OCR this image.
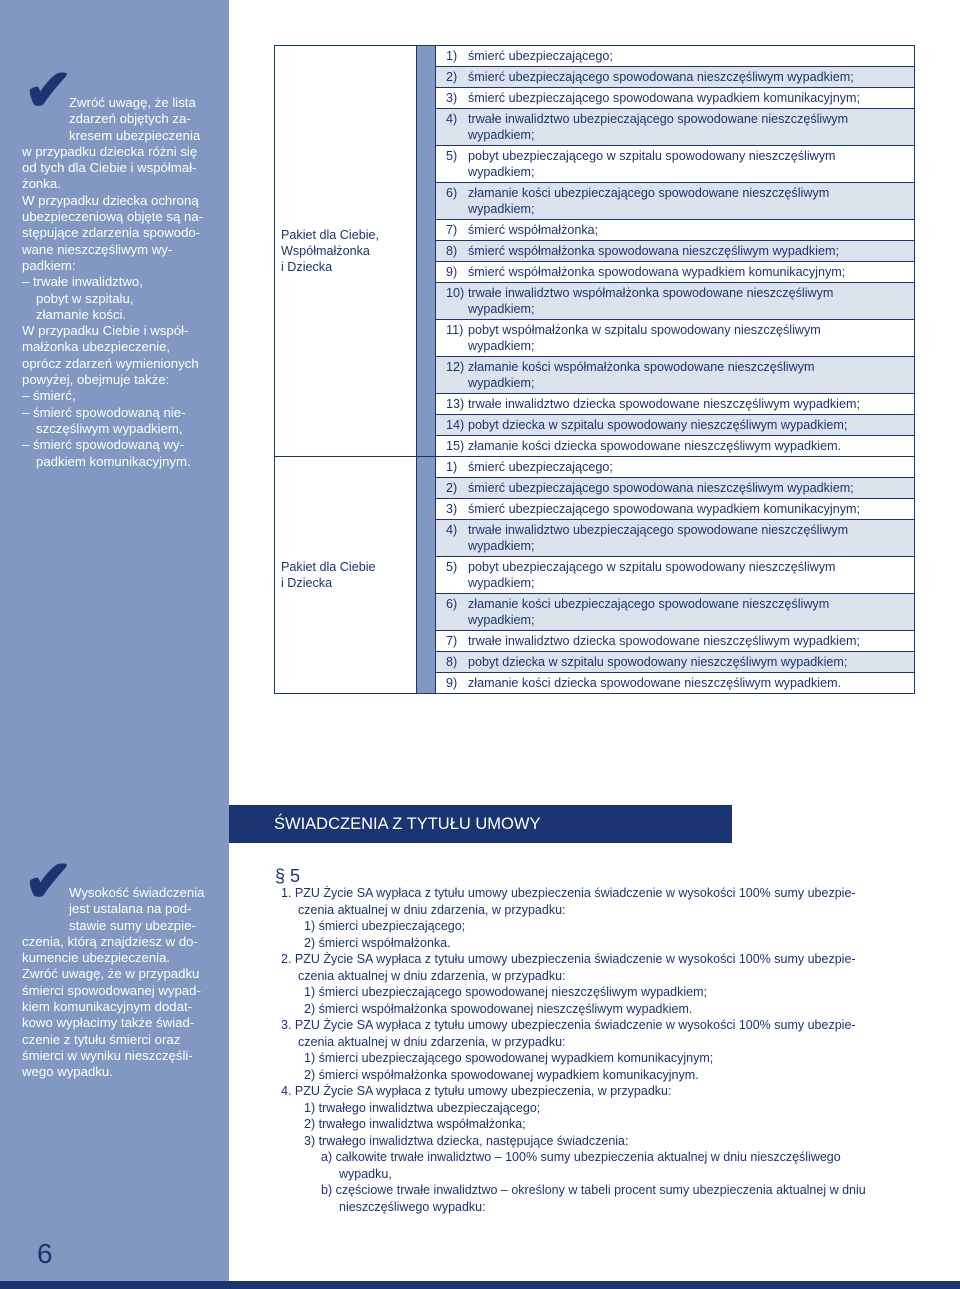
✔
Zwróć uwagę, że lista
zdarzeń objętych za-
kresem ubezpieczenia
w przypadku dziecka różni się
od tych dla Ciebie i współmał-
żonka.
W przypadku dziecka ochroną
ubezpieczeniową objęte są na-
stępujące zdarzenia spowodo-
wane nieszczęśliwym wy-
padkiem:
– trwałe inwalidztwo,
pobyt w szpitalu,
złamanie kości.
W przypadku Ciebie i współ-
małżonka ubezpieczenie,
oprócz zdarzeń wymienionych
powyżej, obejmuje także:
– śmierć,
– śmierć spowodowaną nie-
szczęśliwym wypadkiem,
– śmierć spowodowaną wy-
padkiem komunikacyjnym.
✔
Wysokość świadczenia
jest ustalana na pod-
stawie sumy ubezpie-
czenia, którą znajdziesz w do-
kumencie ubezpieczenia.
Zwróć uwagę, że w przypadku
śmierci spowodowanej wypad-
kiem komunikacyjnym dodat-
kowo wypłacimy także świad-
czenie z tytułu śmierci oraz
śmierci w wyniku nieszczęśli-
wego wypadku.
6
Pakiet dla Ciebie,
Współmałżonka
i Dziecka		1) śmierć ubezpieczającego;
		2) śmierć ubezpieczającego spowodowana nieszczęśliwym wypadkiem;
		3) śmierć ubezpieczającego spowodowana wypadkiem komunikacyjnym;
		4) trwałe inwalidztwo ubezpieczającego spowodowane nieszczęśliwym
wypadkiem;

		5) pobyt ubezpieczającego w szpitalu spowodowany nieszczęśliwym
wypadkiem;

		6) złamanie kości ubezpieczającego spowodowane nieszczęśliwym
wypadkiem;

		7) śmierć współmałżonka;
		8) śmierć współmałżonka spowodowana nieszczęśliwym wypadkiem;
		9) śmierć współmałżonka spowodowana wypadkiem komunikacyjnym;
		10) trwałe inwalidztwo współmałżonka spowodowane nieszczęśliwym
wypadkiem;

		11) pobyt współmałżonka w szpitalu spowodowany nieszczęśliwym
wypadkiem;

		12) złamanie kości współmałżonka spowodowane nieszczęśliwym
wypadkiem;

		13) trwałe inwalidztwo dziecka spowodowane nieszczęśliwym wypadkiem;
		14) pobyt dziecka w szpitalu spowodowany nieszczęśliwym wypadkiem;
		15) złamanie kości dziecka spowodowane nieszczęśliwym wypadkiem.

Pakiet dla Ciebie
i Dziecka		1) śmierć ubezpieczającego;
		2) śmierć ubezpieczającego spowodowana nieszczęśliwym wypadkiem;
		3) śmierć ubezpieczającego spowodowana wypadkiem komunikacyjnym;
		4) trwałe inwalidztwo ubezpieczającego spowodowane nieszczęśliwym
wypadkiem;

		5) pobyt ubezpieczającego w szpitalu spowodowany nieszczęśliwym
wypadkiem;

		6) złamanie kości ubezpieczającego spowodowane nieszczęśliwym
wypadkiem;

		7) trwałe inwalidztwo dziecka spowodowane nieszczęśliwym wypadkiem;
		8) pobyt dziecka w szpitalu spowodowany nieszczęśliwym wypadkiem;
		9) złamanie kości dziecka spowodowane nieszczęśliwym wypadkiem.
ŚWIADCZENIA Z TYTUŁU UMOWY
§ 5
1. PZU Życie SA wypłaca z tytułu umowy ubezpieczenia świadczenie w wysokości 100% sumy ubezpie-
czenia aktualnej w dniu zdarzenia, w przypadku:
1) śmierci ubezpieczającego;
2) śmierci współmałżonka.
2. PZU Życie SA wypłaca z tytułu umowy ubezpieczenia świadczenie w wysokości 100% sumy ubezpie-
czenia aktualnej w dniu zdarzenia, w przypadku:
1) śmierci ubezpieczającego spowodowanej nieszczęśliwym wypadkiem;
2) śmierci współmałżonka spowodowanej nieszczęśliwym wypadkiem.
3. PZU Życie SA wypłaca z tytułu umowy ubezpieczenia świadczenie w wysokości 100% sumy ubezpie-
czenia aktualnej w dniu zdarzenia, w przypadku:
1) śmierci ubezpieczającego spowodowanej wypadkiem komunikacyjnym;
2) śmierci współmałżonka spowodowanej wypadkiem komunikacyjnym.
4. PZU Życie SA wypłaca z tytułu umowy ubezpieczenia, w przypadku:
1) trwałego inwalidztwa ubezpieczającego;
2) trwałego inwalidztwa współmałżonka;
3) trwałego inwalidztwa dziecka, następujące świadczenia:
a) całkowite trwałe inwalidztwo – 100% sumy ubezpieczenia aktualnej w dniu nieszczęśliwego
wypadku,
b) częściowe trwałe inwalidztwo – określony w tabeli procent sumy ubezpieczenia aktualnej w dniu
nieszczęśliwego wypadku:
